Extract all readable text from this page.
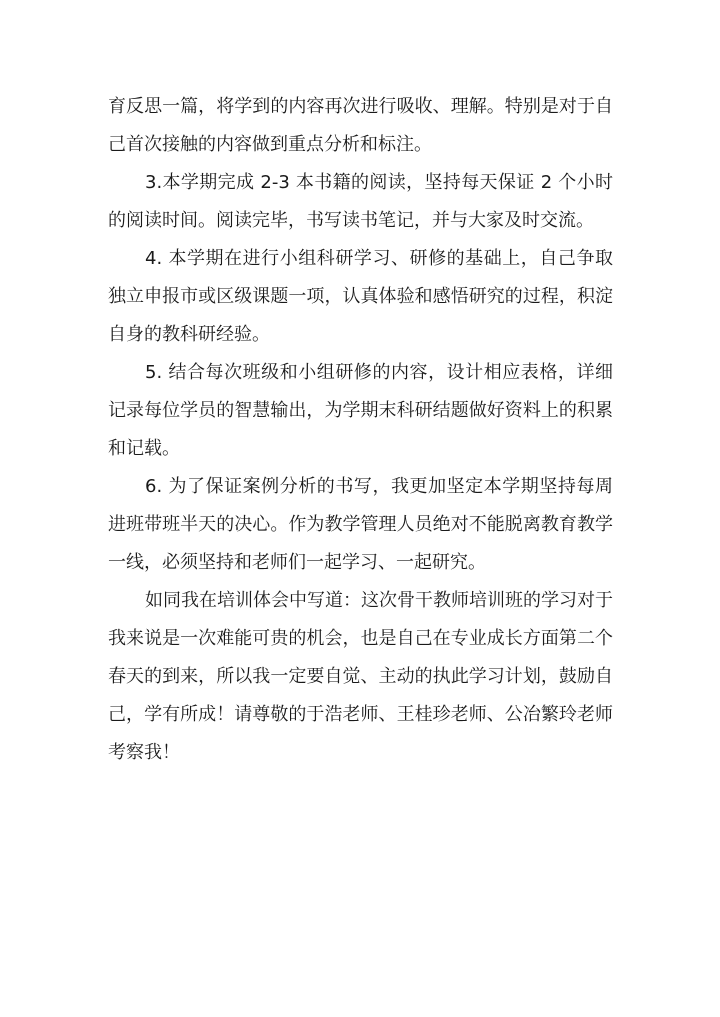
育反思一篇，将学到的内容再次进行吸收、理解。特别是对于自己首次接触的内容做到重点分析和标注。

3.本学期完成 2-3 本书籍的阅读，坚持每天保证 2 个小时的阅读时间。阅读完毕，书写读书笔记，并与大家及时交流。

4. 本学期在进行小组科研学习、研修的基础上，自己争取独立申报市或区级课题一项，认真体验和感悟研究的过程，积淀自身的教科研经验。

5. 结合每次班级和小组研修的内容，设计相应表格，详细记录每位学员的智慧输出，为学期末科研结题做好资料上的积累和记载。

6. 为了保证案例分析的书写，我更加坚定本学期坚持每周进班带班半天的决心。作为教学管理人员绝对不能脱离教育教学一线，必须坚持和老师们一起学习、一起研究。

如同我在培训体会中写道：这次骨干教师培训班的学习对于我来说是一次难能可贵的机会，也是自己在专业成长方面第二个春天的到来，所以我一定要自觉、主动的执此学习计划，鼓励自己，学有所成！请尊敬的于浩老师、王桂珍老师、公冶繁玲老师考察我！
